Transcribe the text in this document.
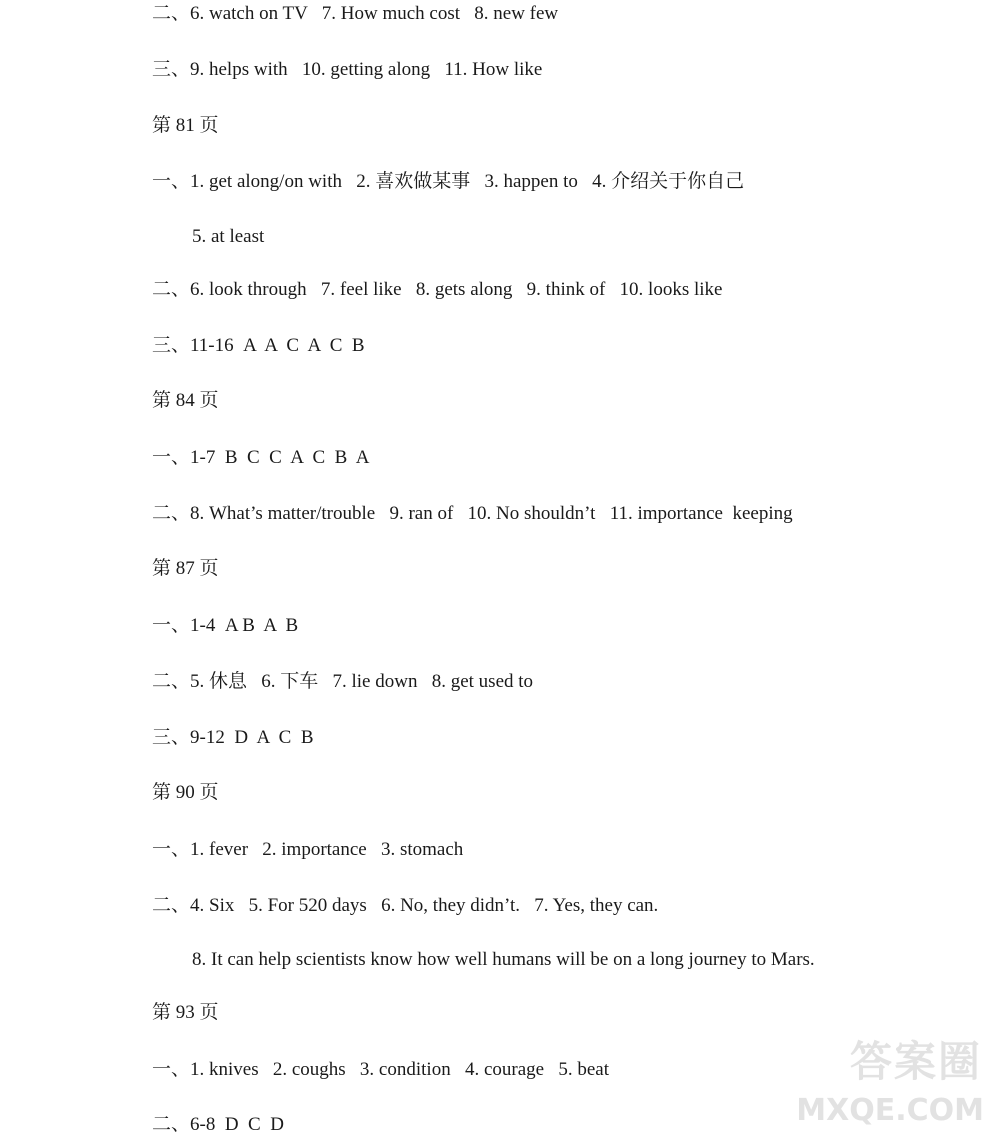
二、6. watch on TV   7. How much cost   8. new few
三、9. helps with   10. getting along   11. How like
第 81 页
一、1. get along/on with   2. 喜欢做某事   3. happen to   4. 介绍关于你自己
5. at least
二、6. look through   7. feel like   8. gets along   9. think of   10. looks like
三、11-16  A  A  C  A  C  B
第 84 页
一、1-7  B  C  C  A  C  B  A
二、8. What’s matter/trouble   9. ran of   10. No shouldn’t   11. importance  keeping
第 87 页
一、1-4  A B  A  B
二、5. 休息   6. 下车   7. lie down   8. get used to
三、9-12  D  A  C  B
第 90 页
一、1. fever   2. importance   3. stomach
二、4. Six   5. For 520 days   6. No, they didn’t.   7. Yes, they can.
8. It can help scientists know how well humans will be on a long journey to Mars.
第 93 页
一、1. knives   2. coughs   3. condition   4. courage   5. beat
二、6-8  D  C  D
答案圈
MXQE.COM
